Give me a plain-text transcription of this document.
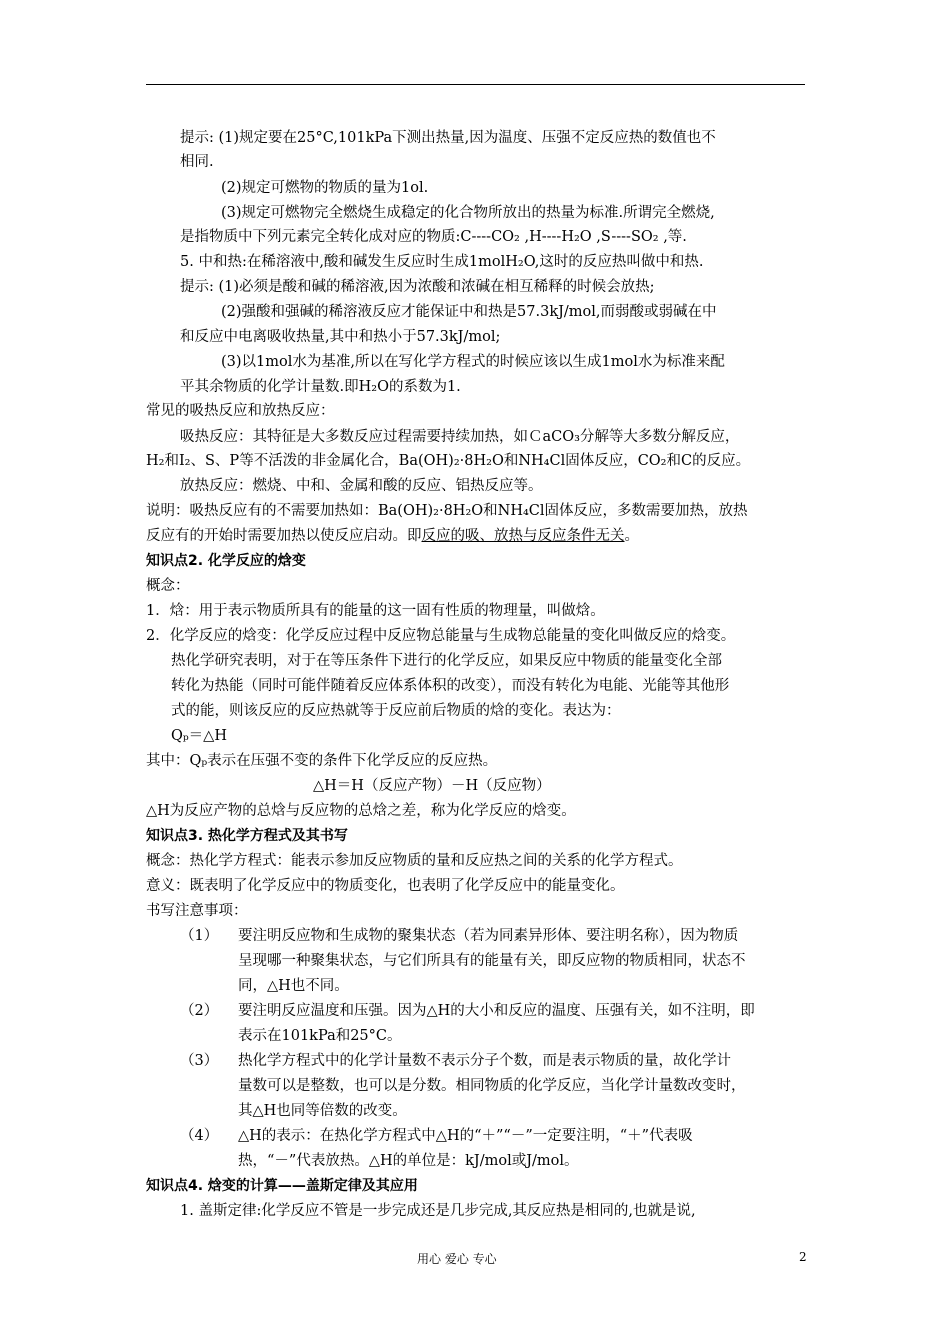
提示: (1)规定要在25°C,101kPa下测出热量,因为温度、压强不定反应热的数值也不
相同.
(2)规定可燃物的物质的量为1ol.
(3)规定可燃物完全燃烧生成稳定的化合物所放出的热量为标准.所谓完全燃烧,
是指物质中下列元素完全转化成对应的物质:C----CO₂ ,H----H₂O ,S----SO₂ ,等.
5. 中和热:在稀溶液中,酸和碱发生反应时生成1molH₂O,这时的反应热叫做中和热.
提示: (1)必须是酸和碱的稀溶液,因为浓酸和浓碱在相互稀释的时候会放热;
(2)强酸和强碱的稀溶液反应才能保证中和热是57.3kJ/mol,而弱酸或弱碱在中
和反应中电离吸收热量,其中和热小于57.3kJ/mol;
(3)以1mol水为基准,所以在写化学方程式的时候应该以生成1mol水为标准来配
平其余物质的化学计量数.即H₂O的系数为1.
常见的吸热反应和放热反应：
吸热反应：其特征是大多数反应过程需要持续加热，如ＣaCO₃分解等大多数分解反应，
H₂和I₂、S、P等不活泼的非金属化合，Ba(OH)₂·8H₂O和NH₄Cl固体反应，CO₂和C的反应。
放热反应：燃烧、中和、金属和酸的反应、铝热反应等。
说明：吸热反应有的不需要加热如：Ba(OH)₂·8H₂O和NH₄Cl固体反应，多数需要加热，放热
反应有的开始时需要加热以使反应启动。即反应的吸、放热与反应条件无关。
知识点2. 化学反应的焓变
概念：
1．焓：用于表示物质所具有的能量的这一固有性质的物理量，叫做焓。
2．化学反应的焓变：化学反应过程中反应物总能量与生成物总能量的变化叫做反应的焓变。
热化学研究表明，对于在等压条件下进行的化学反应，如果反应中物质的能量变化全部
转化为热能（同时可能伴随着反应体系体积的改变），而没有转化为电能、光能等其他形
式的能，则该反应的反应热就等于反应前后物质的焓的变化。表达为：
Qₚ＝△H
其中：Qₚ表示在压强不变的条件下化学反应的反应热。
△H＝H（反应产物）－H（反应物）
△H为反应产物的总焓与反应物的总焓之差，称为化学反应的焓变。
知识点3. 热化学方程式及其书写
概念：热化学方程式：能表示参加反应物质的量和反应热之间的关系的化学方程式。
意义：既表明了化学反应中的物质变化，也表明了化学反应中的能量变化。
书写注意事项：
（1） 要注明反应物和生成物的聚集状态（若为同素异形体、要注明名称），因为物质
呈现哪一种聚集状态，与它们所具有的能量有关，即反应物的物质相同，状态不
同，△H也不同。
（2） 要注明反应温度和压强。因为△H的大小和反应的温度、压强有关，如不注明，即
表示在101kPa和25°C。
（3） 热化学方程式中的化学计量数不表示分子个数，而是表示物质的量，故化学计
量数可以是整数，也可以是分数。相同物质的化学反应，当化学计量数改变时，
其△H也同等倍数的改变。
（4） △H的表示：在热化学方程式中△H的“＋”“－”一定要注明，“＋”代表吸
热，“－”代表放热。△H的单位是：kJ/mol或J/mol。
知识点4. 焓变的计算——盖斯定律及其应用
1. 盖斯定律:化学反应不管是一步完成还是几步完成,其反应热是相同的,也就是说,
用心 爱心 专心	2
